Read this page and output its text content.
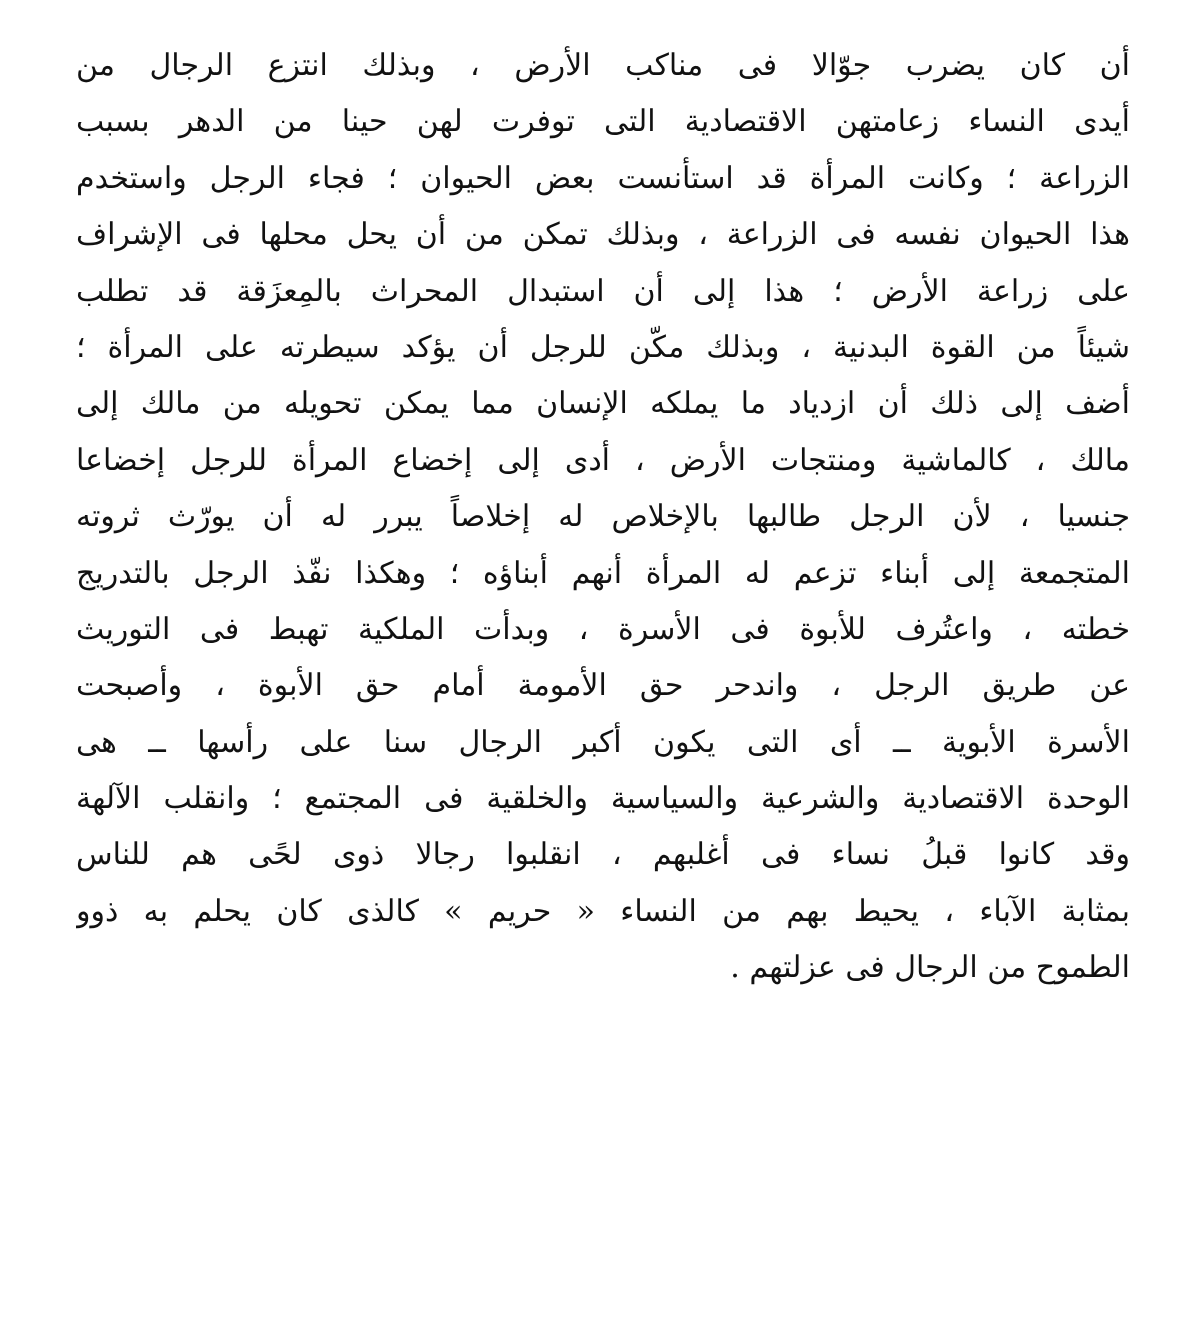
أن كان يضرب جوّالا فى مناكب الأرض ، وبذلك انتزع الرجال من
أيدى النساء زعامتهن الاقتصادية التى توفرت لهن حينا من الدهر بسبب
الزراعة ؛ وكانت المرأة قد استأنست بعض الحيوان ؛ فجاء الرجل واستخدم
هذا الحيوان نفسه فى الزراعة ، وبذلك تمكن من أن يحل محلها فى الإشراف
على زراعة الأرض ؛ هذا إلى أن استبدال المحراث بالمِعزَقة قد تطلب
شيئاً من القوة البدنية ، وبذلك مكّن للرجل أن يؤكد سيطرته على المرأة ؛
أضف إلى ذلك أن ازدياد ما يملكه الإنسان مما يمكن تحويله من مالك إلى
مالك ، كالماشية ومنتجات الأرض ، أدى إلى إخضاع المرأة للرجل إخضاعا
جنسيا ، لأن الرجل طالبها بالإخلاص له إخلاصاً يبرر له أن يورّث ثروته
المتجمعة إلى أبناء تزعم له المرأة أنهم أبناؤه ؛ وهكذا نفّذ الرجل بالتدريج
خطته ، واعتُرف للأبوة فى الأسرة ، وبدأت الملكية تهبط فى التوريث
عن طريق الرجل ، واندحر حق الأمومة أمام حق الأبوة ، وأصبحت
الأسرة الأبوية ــ أى التى يكون أكبر الرجال سنا على رأسها ــ هى
الوحدة الاقتصادية والشرعية والسياسية والخلقية فى المجتمع ؛ وانقلب الآلهة
وقد كانوا قبلُ نساء فى أغلبهم ، انقلبوا رجالا ذوى لحًى هم للناس
بمثابة الآباء ، يحيط بهم من النساء « حريم » كالذى كان يحلم به ذوو
الطموح من الرجال فى عزلتهم .
